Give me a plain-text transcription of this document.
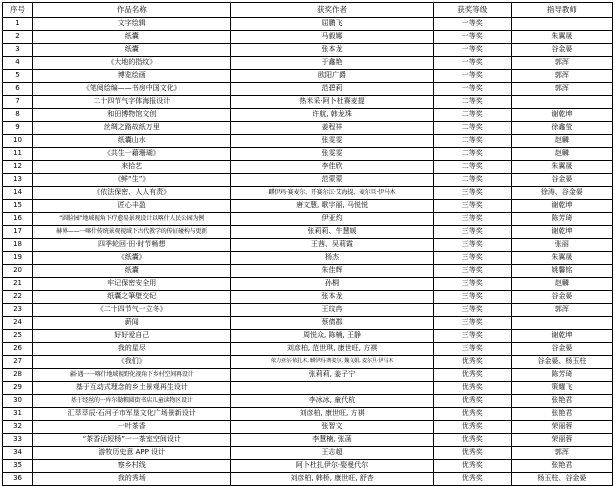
序号	作品名称	获奖作者	获奖等级	指导教师
1	文字绘辑	屈鹏飞	一等奖	
2	纸囊	马毅娜	一等奖	朱翼晟
3	纸囊	张本龙	一等奖	谷金晏
4	《大地的指纹》	于鑫艳	一等奖	郭浑
5	博览绘画	欧阳广爵	一等奖	郭浑
6	《笔阅绘编——书房中国文化》	范碧莉	一等奖	郭浑
7	二十四节气字体海报设计	热米采·阿卜杜赛麦提	二等奖	
8	和田博物馆文创	许航, 韩龙珠	二等奖	谢乾坤
9	丝绸之路故纸万里	姜程祥	二等奖	徐鑫莹
10	纸囊山水	张雯雯	二等奖	赵麟
11	《共生一藉珊瑚》	张雯雯	二等奖	赵麟
12	来拾艺	李佳欣	二等奖	朱翼晟
13	《鲜“生”》	范蒙蒙	二等奖	谷金晏
14	《依法保密、人人有责》	麒伊玛·赛麦尔、开赛尔江·艾海提、麦尔旦·伊马木	三等奖	徐涛、谷金晏
15	匠心丰盈	唐文慧, 歌宇丽, 马悦悦	三等奖	谢乾坤
16	“圆脸园”地域视角下疗愈易景观设计以喀什人民公园为例	伊亚灼	三等奖	陈芳琦
17	赫界——一喀什传统景观视域下古代教学的传征碰构与更新	张莉莉、牛慧媛	三等奖	谢乾坤
18	四季轮回·田·时节畅想	王茜、吴莉霞	三等奖	张丽
19	《纸囊》	杨杰	三等奖	朱翼晟
20	纸囊	朱佳辉	三等奖	姚馨铭
21	牢记保密安全用	孙桐	三等奖	赵麟
22	纸囊之筆壁交纪	张本龙	三等奖	谷金晏
23	《二十四节气一立冬》	王玟冉	三等奖	郭浑
24	薪闻	蔡倩郡	三等奖	
25	好好爱自己	周悦众, 陈楠, 王静	三等奖	谢乾坤
26	我的星尽	刘彦柏, 范世琪, 康世旺, 方祺	三等奖	谷金晏
27	《我们》	依力亚尔·依扎木, 麒伊玛·赛麦尔, 魏文娟, 麦尔旦·伊马木	优秀奖	谷金晏、杨玉柱
28	疆·遇一一喀什地域视野化视角下乡村空间再设计	张莉莉, 姜子宁	优秀奖	陈芳琦
29	基于互动式理念的乡土景观再生设计		优秀奖	策耀飞
30	基于经丝的一库尔勒粮圆街书店儿童读物区设计	李冰冰, 童代杭	优秀奖	张艳君
31	汇萃萃辰·石河子市军垦文化广场景新设计	刘彦柏, 康世旺, 方祺	优秀奖	张艳君
32	一叶茶香	张智文	优秀奖	荣丽蓉
33	“茶香话短杨”一一茶室空间设计	李慧楠, 张菡	优秀奖	荣丽蓉
34	游牧历史意 APP 设计	王志超	优秀奖	郭浑
35	察乡村线	阿卜杜扎伊尔·娶曼代尔	优秀奖	张艳君
36	我的秀场	刘彦柏, 韩桥, 康世旺, 舒杏	优秀奖	杨玉柱、谷金晏
